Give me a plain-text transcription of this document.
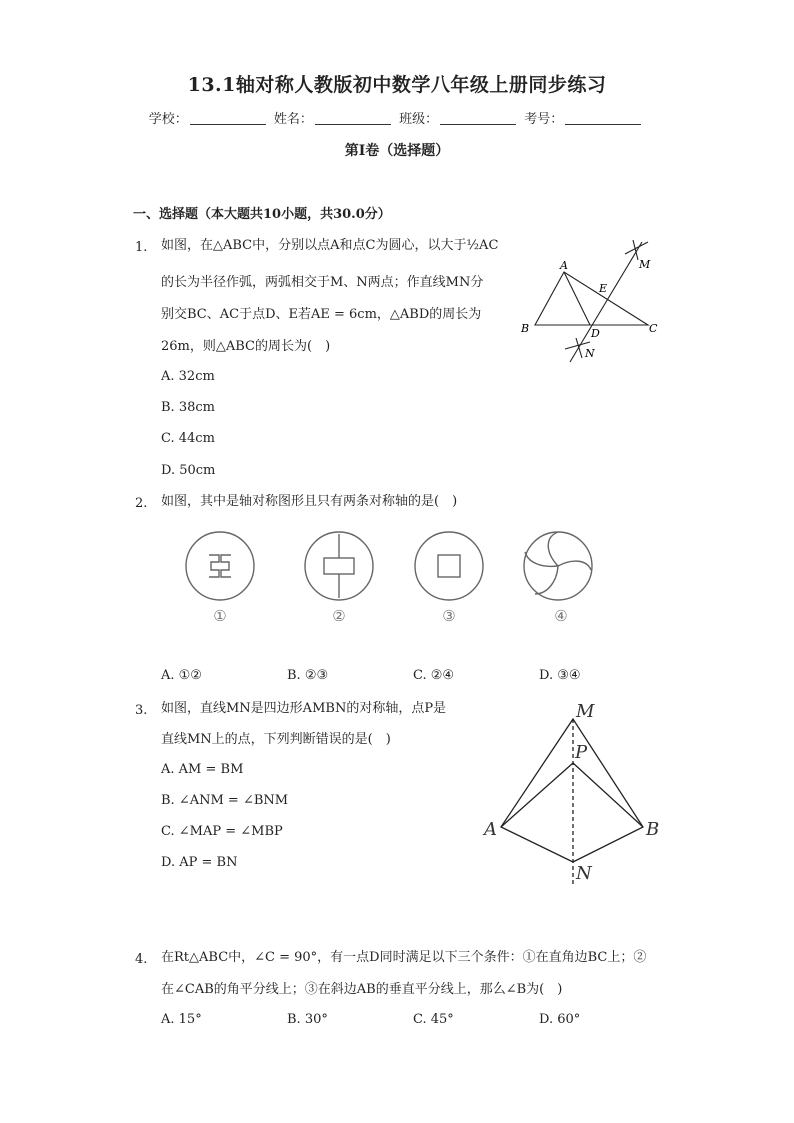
13.1轴对称人教版初中数学八年级上册同步练习
学校：	姓名：	班级：	考号：
第I卷（选择题）
一、选择题（本大题共10小题，共30.0分）
1. 如图，在△ABC中，分别以点A和点C为圆心，以大于½AC
的长为半径作弧，两弧相交于M、N两点；作直线MN分
别交BC、AC于点D、E若AE = 6cm，△ABD的周长为
26m，则△ABC的周长为(　)
A. 32cm
B. 38cm
C. 44cm
D. 50cm
A
B	C
D
E
M
N
2. 如图，其中是轴对称图形且只有两条对称轴的是(　)
①	②	③	④
A. ①②	B. ②③	C. ②④	D. ③④
3. 如图，直线MN是四边形AMBN的对称轴，点P是
直线MN上的点，下列判断错误的是(　)
A. AM = BM
B. ∠ANM = ∠BNM
C. ∠MAP = ∠MBP
D. AP = BN
M
P
A	B
N
4. 在Rt△ABC中，∠C = 90°，有一点D同时满足以下三个条件：①在直角边BC上；②
在∠CAB的角平分线上；③在斜边AB的垂直平分线上，那么∠B为(　)
A. 15°	B. 30°	C. 45°	D. 60°
